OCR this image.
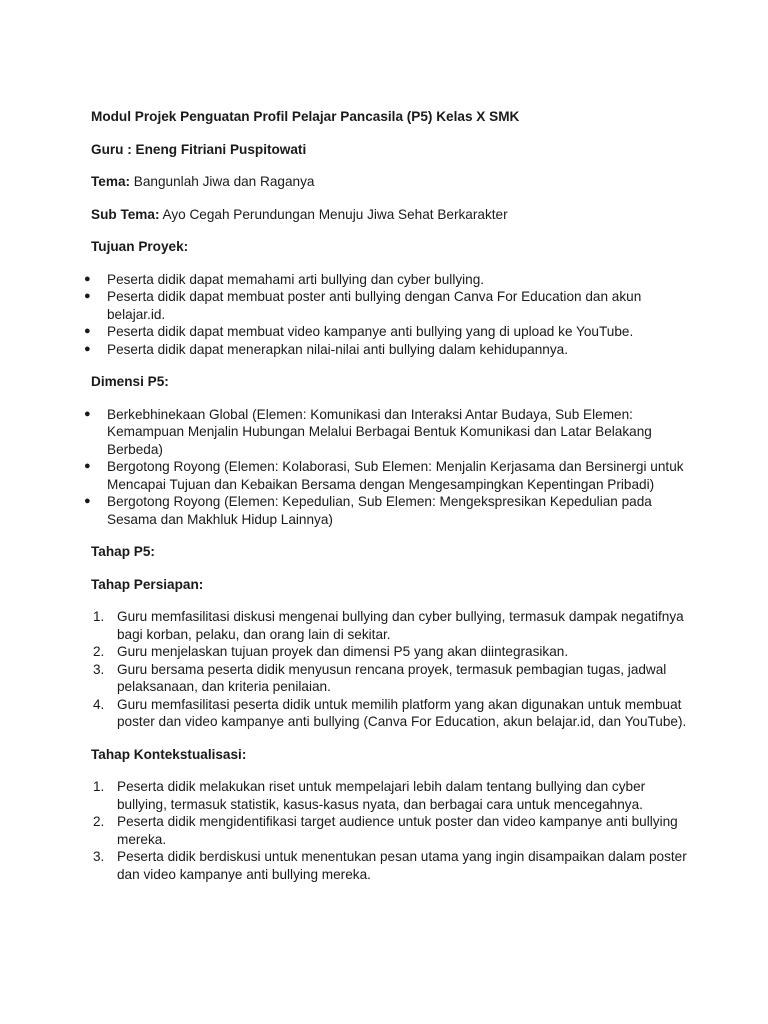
Modul Projek Penguatan Profil Pelajar Pancasila (P5) Kelas X SMK

Guru : Eneng Fitriani Puspitowati

Tema: Bangunlah Jiwa dan Raganya

Sub Tema: Ayo Cegah Perundungan Menuju Jiwa Sehat Berkarakter

Tujuan Proyek:

● Peserta didik dapat memahami arti bullying dan cyber bullying.
● Peserta didik dapat membuat poster anti bullying dengan Canva For Education dan akun belajar.id.
● Peserta didik dapat membuat video kampanye anti bullying yang di upload ke YouTube.
● Peserta didik dapat menerapkan nilai-nilai anti bullying dalam kehidupannya.

Dimensi P5:

● Berkebhinekaan Global (Elemen: Komunikasi dan Interaksi Antar Budaya, Sub Elemen: Kemampuan Menjalin Hubungan Melalui Berbagai Bentuk Komunikasi dan Latar Belakang Berbeda)
● Bergotong Royong (Elemen: Kolaborasi, Sub Elemen: Menjalin Kerjasama dan Bersinergi untuk Mencapai Tujuan dan Kebaikan Bersama dengan Mengesampingkan Kepentingan Pribadi)
● Bergotong Royong (Elemen: Kepedulian, Sub Elemen: Mengekspresikan Kepedulian pada Sesama dan Makhluk Hidup Lainnya)

Tahap P5:

Tahap Persiapan:

1. Guru memfasilitasi diskusi mengenai bullying dan cyber bullying, termasuk dampak negatifnya bagi korban, pelaku, dan orang lain di sekitar.
2. Guru menjelaskan tujuan proyek dan dimensi P5 yang akan diintegrasikan.
3. Guru bersama peserta didik menyusun rencana proyek, termasuk pembagian tugas, jadwal pelaksanaan, dan kriteria penilaian.
4. Guru memfasilitasi peserta didik untuk memilih platform yang akan digunakan untuk membuat poster dan video kampanye anti bullying (Canva For Education, akun belajar.id, dan YouTube).

Tahap Kontekstualisasi:

1. Peserta didik melakukan riset untuk mempelajari lebih dalam tentang bullying dan cyber bullying, termasuk statistik, kasus-kasus nyata, dan berbagai cara untuk mencegahnya.
2. Peserta didik mengidentifikasi target audience untuk poster dan video kampanye anti bullying mereka.
3. Peserta didik berdiskusi untuk menentukan pesan utama yang ingin disampaikan dalam poster dan video kampanye anti bullying mereka.
